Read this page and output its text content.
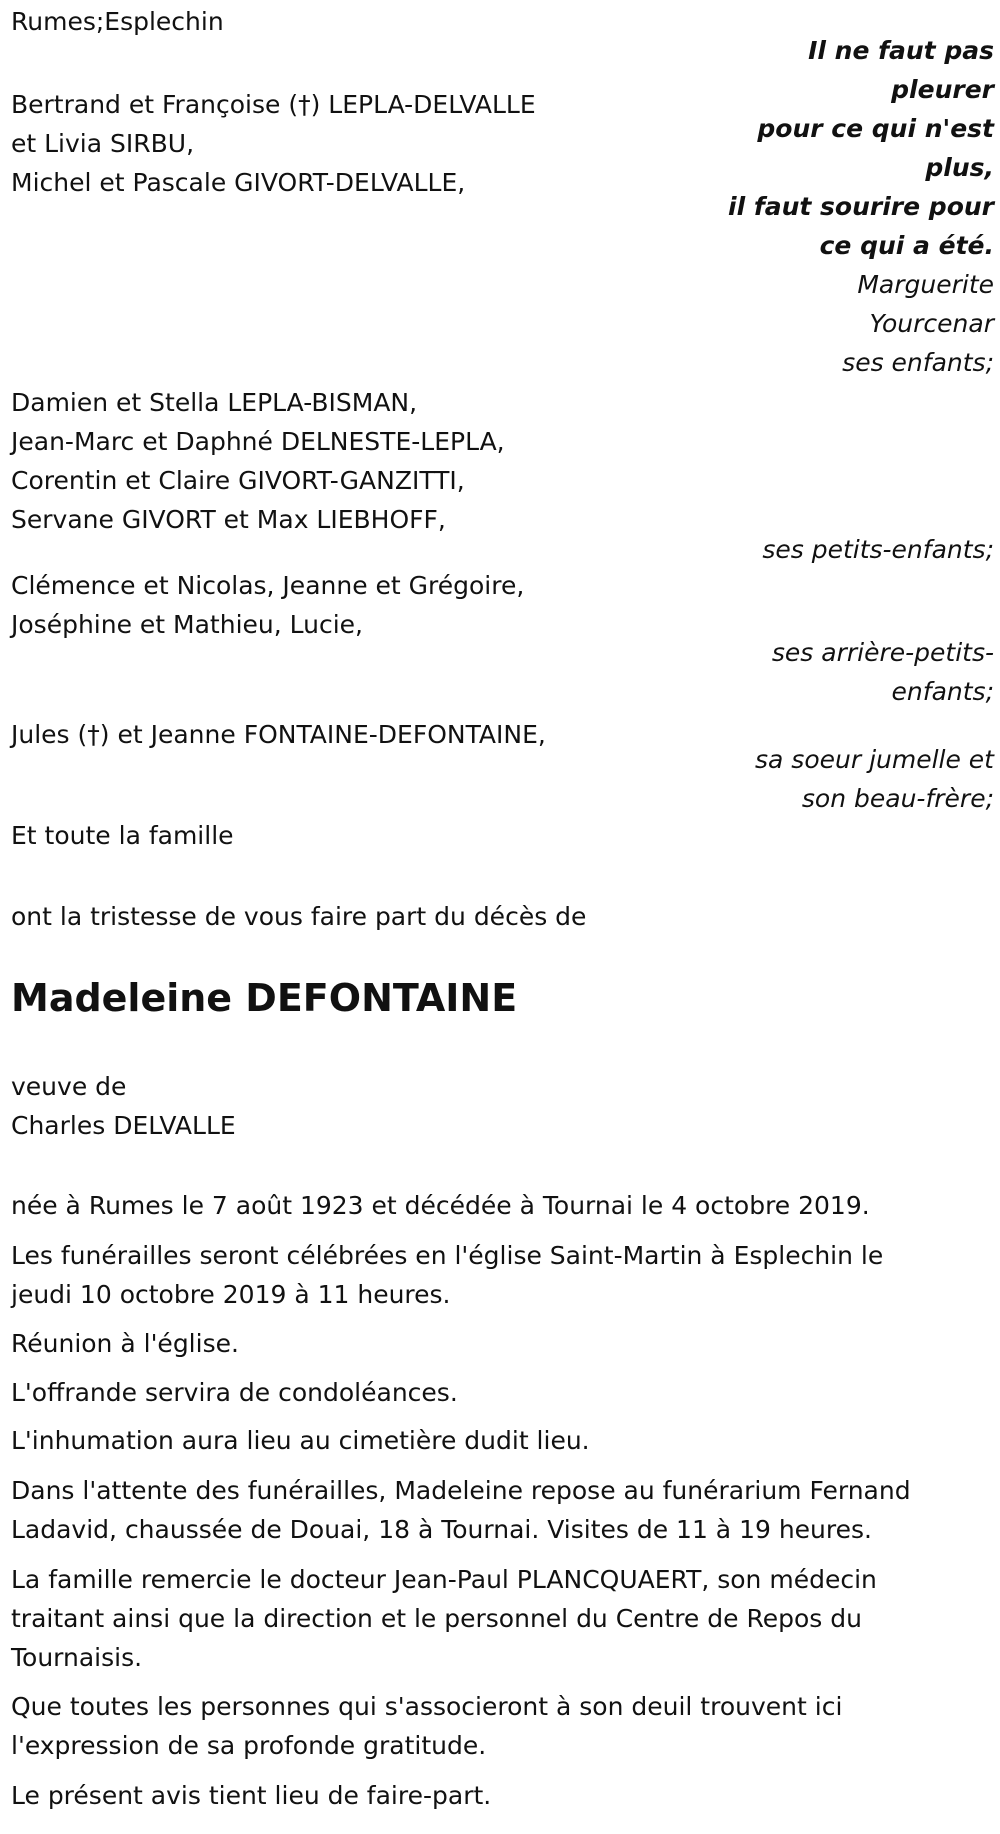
Rumes;Esplechin
Il ne faut pas
pleurer
pour ce qui n'est
plus,
il faut sourire pour
ce qui a été.
Marguerite
Yourcenar
ses enfants;
Bertrand et Françoise (†) LEPLA-DELVALLE
et Livia SIRBU,
Michel et Pascale GIVORT-DELVALLE,
Damien et Stella LEPLA-BISMAN,
Jean-Marc et Daphné DELNESTE-LEPLA,
Corentin et Claire GIVORT-GANZITTI,
Servane GIVORT et Max LIEBHOFF,
ses petits-enfants;
Clémence et Nicolas, Jeanne et Grégoire,
Joséphine et Mathieu, Lucie,
ses arrière-petits-
enfants;
Jules (†) et Jeanne FONTAINE-DEFONTAINE,
sa soeur jumelle et
son beau-frère;
Et toute la famille
ont la tristesse de vous faire part du décès de
Madeleine DEFONTAINE
veuve de
Charles DELVALLE
née à Rumes le 7 août 1923 et décédée à Tournai le 4 octobre 2019.
Les funérailles seront célébrées en l'église Saint-Martin à Esplechin le
jeudi 10 octobre 2019 à 11 heures.
Réunion à l'église.
L'offrande servira de condoléances.
L'inhumation aura lieu au cimetière dudit lieu.
Dans l'attente des funérailles, Madeleine repose au funérarium Fernand
Ladavid, chaussée de Douai, 18 à Tournai. Visites de 11 à 19 heures.
La famille remercie le docteur Jean-Paul PLANCQUAERT, son médecin
traitant ainsi que la direction et le personnel du Centre de Repos du
Tournaisis.
Que toutes les personnes qui s'associeront à son deuil trouvent ici
l'expression de sa profonde gratitude.
Le présent avis tient lieu de faire-part.
